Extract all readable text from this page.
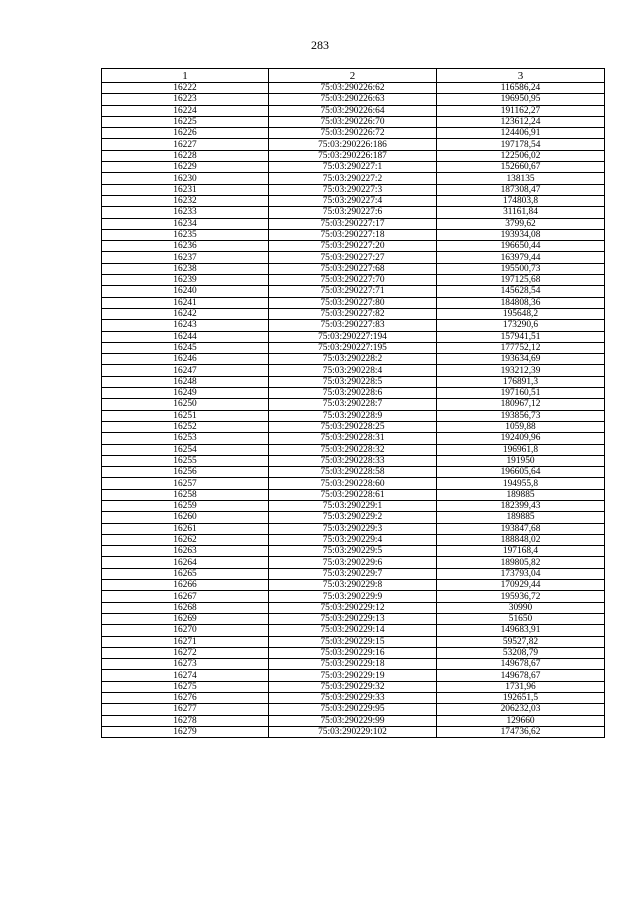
283
1	2	3
16222	75:03:290226:62	116586,24
16223	75:03:290226:63	196950,95
16224	75:03:290226:64	191162,27
16225	75:03:290226:70	123612,24
16226	75:03:290226:72	124406,91
16227	75:03:290226:186	197178,54
16228	75:03:290226:187	122506,02
16229	75:03:290227:1	152660,67
16230	75:03:290227:2	138135
16231	75:03:290227:3	187308,47
16232	75:03:290227:4	174803,8
16233	75:03:290227:6	31161,84
16234	75:03:290227:17	3799,62
16235	75:03:290227:18	193934,08
16236	75:03:290227:20	196650,44
16237	75:03:290227:27	163979,44
16238	75:03:290227:68	195500,73
16239	75:03:290227:70	197125,68
16240	75:03:290227:71	145628,54
16241	75:03:290227:80	184808,36
16242	75:03:290227:82	195648,2
16243	75:03:290227:83	173290,6
16244	75:03:290227:194	157941,51
16245	75:03:290227:195	177752,12
16246	75:03:290228:2	193634,69
16247	75:03:290228:4	193212,39
16248	75:03:290228:5	176891,3
16249	75:03:290228:6	197160,51
16250	75:03:290228:7	180967,12
16251	75:03:290228:9	193856,73
16252	75:03:290228:25	1059,88
16253	75:03:290228:31	192409,96
16254	75:03:290228:32	196961,8
16255	75:03:290228:33	191950
16256	75:03:290228:58	196605,64
16257	75:03:290228:60	194955,8
16258	75:03:290228:61	189885
16259	75:03:290229:1	182399,43
16260	75:03:290229:2	189885
16261	75:03:290229:3	193847,68
16262	75:03:290229:4	188848,02
16263	75:03:290229:5	197168,4
16264	75:03:290229:6	189805,82
16265	75:03:290229:7	173793,04
16266	75:03:290229:8	170929,44
16267	75:03:290229:9	195936,72
16268	75:03:290229:12	30990
16269	75:03:290229:13	51650
16270	75:03:290229:14	149683,91
16271	75:03:290229:15	59527,82
16272	75:03:290229:16	53208,79
16273	75:03:290229:18	149678,67
16274	75:03:290229:19	149678,67
16275	75:03:290229:32	1731,96
16276	75:03:290229:33	192651,5
16277	75:03:290229:95	206232,03
16278	75:03:290229:99	129660
16279	75:03:290229:102	174736,62
